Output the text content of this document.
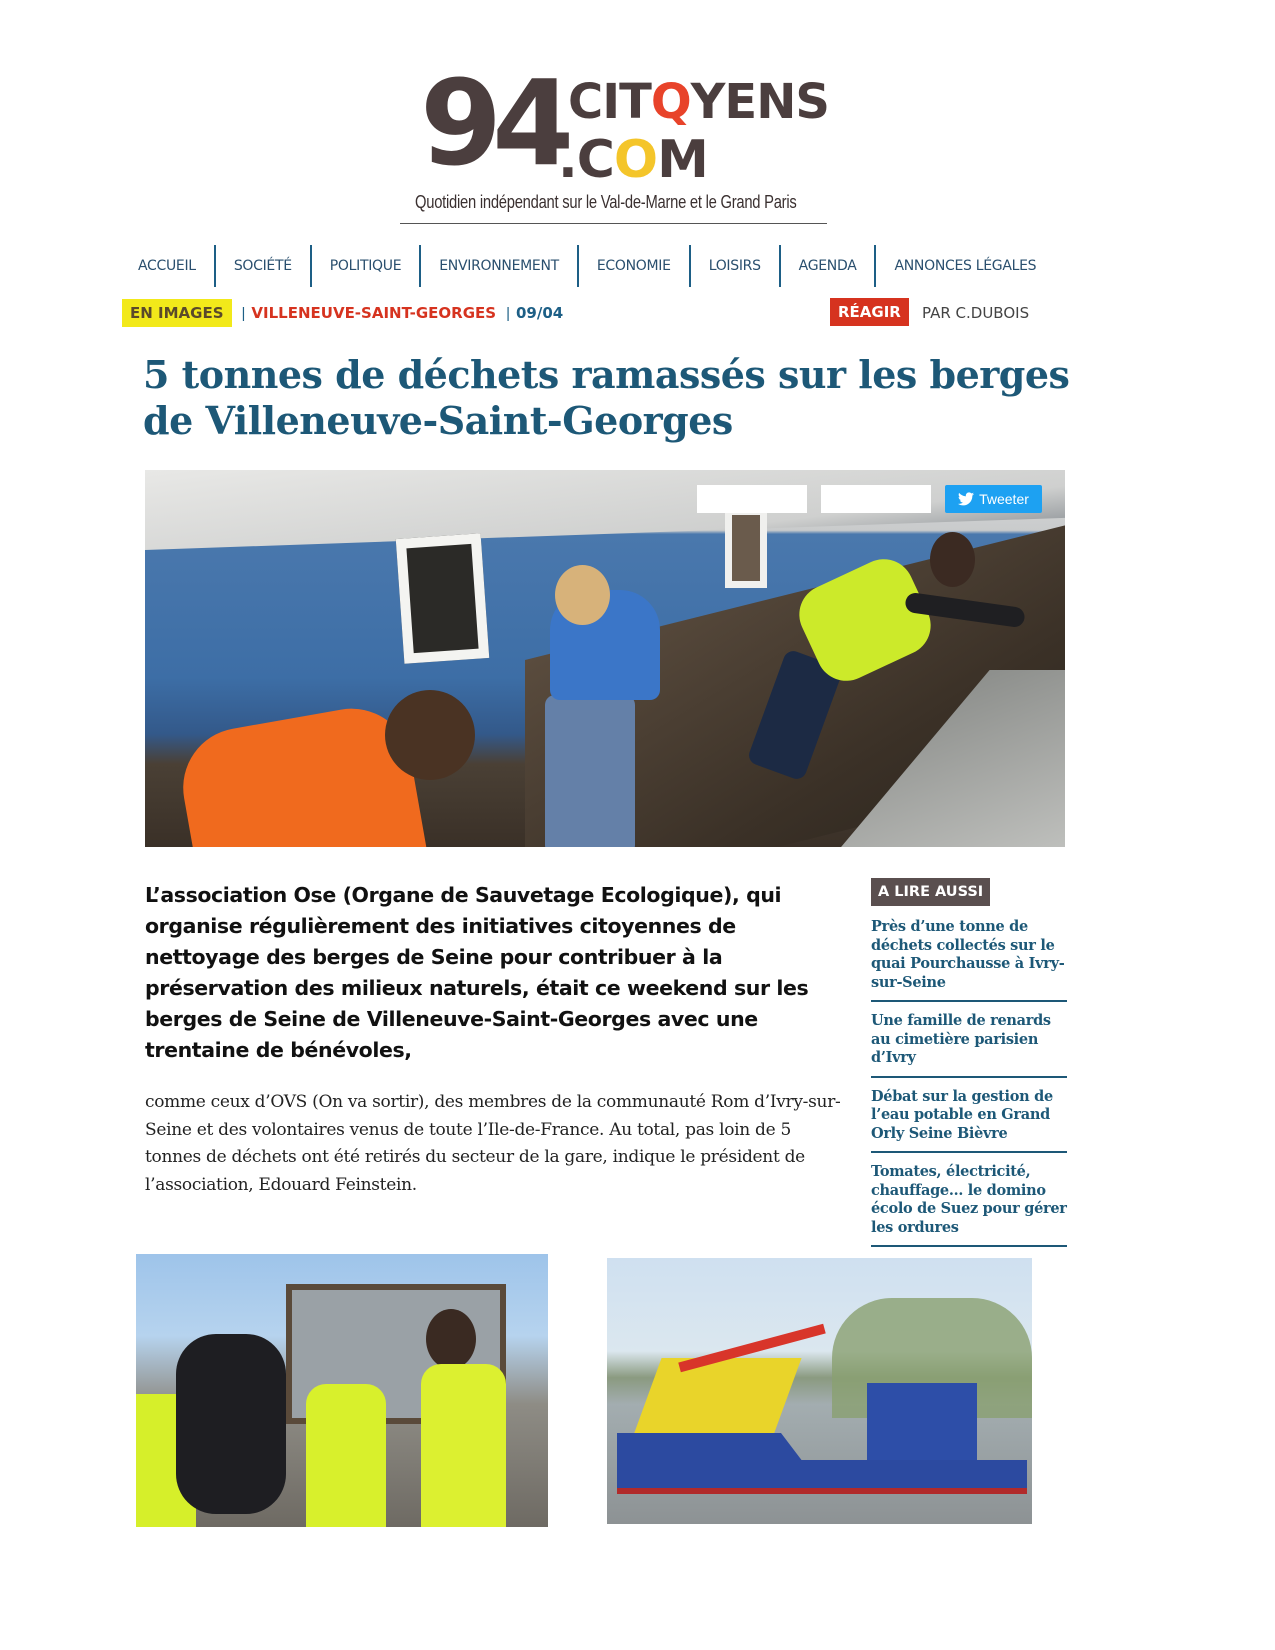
94 CITQYENS
.COM
Quotidien indépendant sur le Val-de-Marne et le Grand Paris
ACCUEIL	SOCIÉTÉ	POLITIQUE	ENVIRONNEMENT	ECONOMIE	LOISIRS	AGENDA	ANNONCES LÉGALES
EN IMAGES	| VILLENEUVE-SAINT-GEORGES | 09/04	RÉAGIR	PAR C.DUBOIS
5 tonnes de déchets ramassés sur les berges de Villeneuve-Saint-Georges
Tweeter

L’association Ose (Organe de Sauvetage Ecologique), qui organise régulièrement des initiatives citoyennes de nettoyage des berges de Seine pour contribuer à la préservation des milieux naturels, était ce weekend sur les berges de Seine de Villeneuve-Saint-Georges avec une trentaine de bénévoles,

comme ceux d’OVS (On va sortir), des membres de la communauté Rom d’Ivry-sur-Seine et des volontaires venus de toute l’Ile-de-France. Au total, pas loin de 5 tonnes de déchets ont été retirés du secteur de la gare, indique le président de l’association, Edouard Feinstein.

A LIRE AUSSI
Près d’une tonne de déchets collectés sur le quai Pourchausse à Ivry-sur-Seine
Une famille de renards au cimetière parisien d’Ivry
Débat sur la gestion de l’eau potable en Grand Orly Seine Bièvre
Tomates, électricité, chauffage… le domino écolo de Suez pour gérer les ordures
